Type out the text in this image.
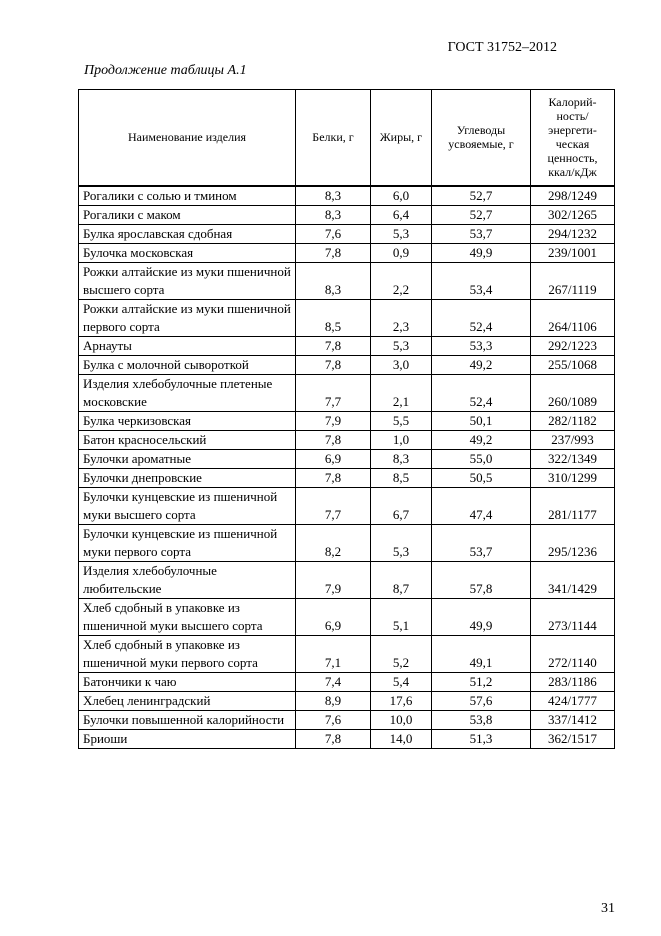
ГОСТ 31752–2012
Продолжение таблицы А.1
Наименование изделия	Белки, г	Жиры, г	Углеводы усвояемые, г	Калорий-ность/ энергети-ческая ценность, ккал/кДж
Рогалики с солью и тмином	8,3	6,0	52,7	298/1249
Рогалики с маком	8,3	6,4	52,7	302/1265
Булка ярославская сдобная	7,6	5,3	53,7	294/1232
Булочка московская	7,8	0,9	49,9	239/1001
Рожки алтайские из муки пшеничной высшего сорта	8,3	2,2	53,4	267/1119
Рожки алтайские из муки пшеничной первого сорта	8,5	2,3	52,4	264/1106
Арнауты	7,8	5,3	53,3	292/1223
Булка с молочной сывороткой	7,8	3,0	49,2	255/1068
Изделия хлебобулочные плетеные московские	7,7	2,1	52,4	260/1089
Булка черкизовская	7,9	5,5	50,1	282/1182
Батон красносельский	7,8	1,0	49,2	237/993
Булочки ароматные	6,9	8,3	55,0	322/1349
Булочки днепровские	7,8	8,5	50,5	310/1299
Булочки кунцевские из пшеничной муки высшего сорта	7,7	6,7	47,4	281/1177
Булочки кунцевские из пшеничной муки первого сорта	8,2	5,3	53,7	295/1236
Изделия хлебобулочные любительские	7,9	8,7	57,8	341/1429
Хлеб сдобный в упаковке из пшеничной муки высшего сорта	6,9	5,1	49,9	273/1144
Хлеб сдобный в упаковке из пшеничной муки первого сорта	7,1	5,2	49,1	272/1140
Батончики к чаю	7,4	5,4	51,2	283/1186
Хлебец ленинградский	8,9	17,6	57,6	424/1777
Булочки повышенной калорийности	7,6	10,0	53,8	337/1412
Бриоши	7,8	14,0	51,3	362/1517
31
